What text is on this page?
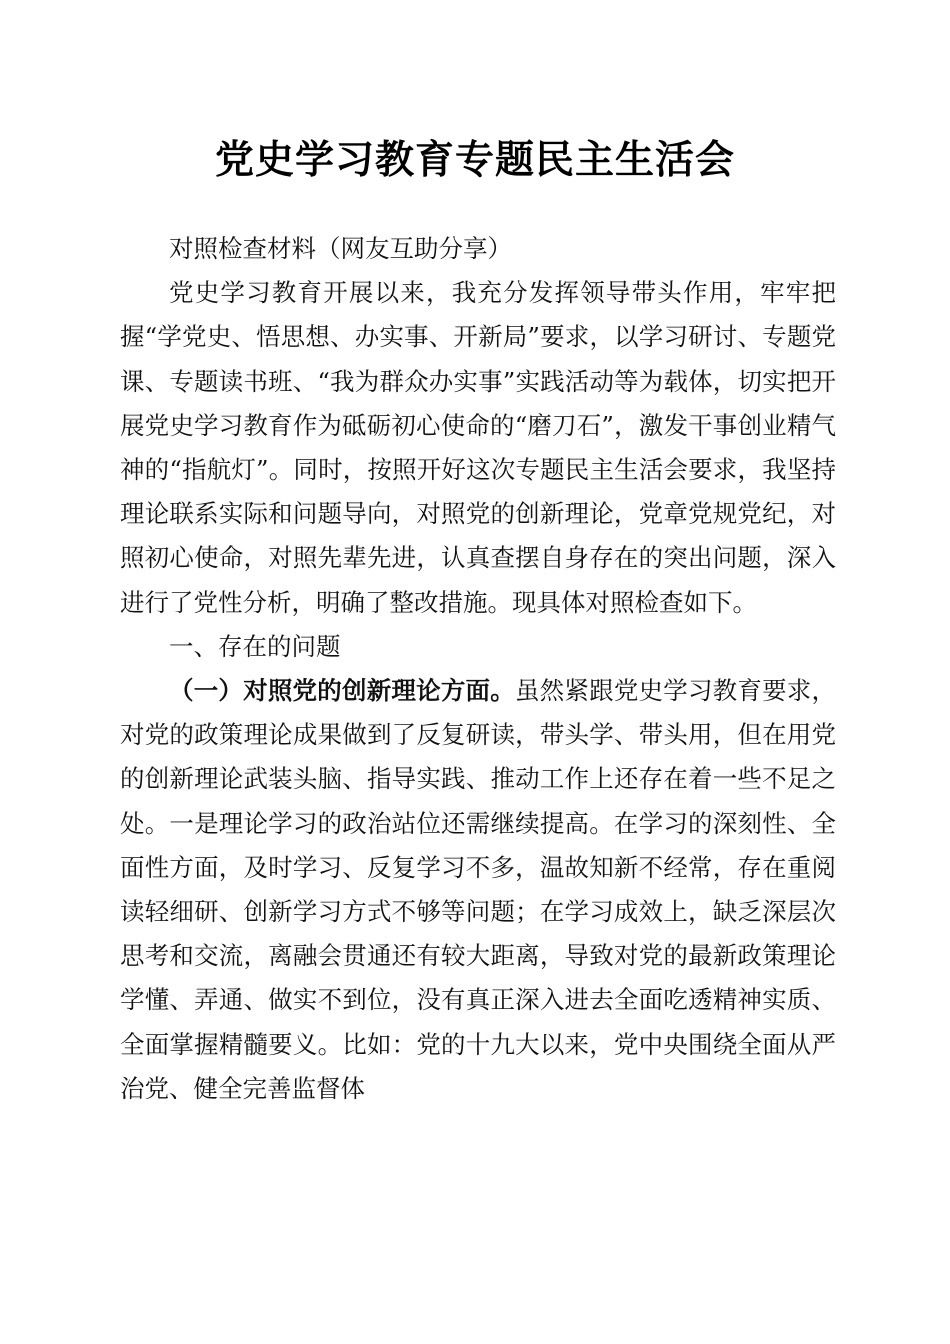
党史学习教育专题民主生活会

对照检查材料（网友互助分享）

党史学习教育开展以来，我充分发挥领导带头作用，牢牢把握“学党史、悟思想、办实事、开新局”要求，以学习研讨、专题党课、专题读书班、“我为群众办实事”实践活动等为载体，切实把开展党史学习教育作为砥砺初心使命的“磨刀石”，激发干事创业精气神的“指航灯”。同时，按照开好这次专题民主生活会要求，我坚持理论联系实际和问题导向，对照党的创新理论，党章党规党纪，对照初心使命，对照先辈先进，认真查摆自身存在的突出问题，深入进行了党性分析，明确了整改措施。现具体对照检查如下。

一、存在的问题

（一）对照党的创新理论方面。虽然紧跟党史学习教育要求，对党的政策理论成果做到了反复研读，带头学、带头用，但在用党的创新理论武装头脑、指导实践、推动工作上还存在着一些不足之处。一是理论学习的政治站位还需继续提高。在学习的深刻性、全面性方面，及时学习、反复学习不多，温故知新不经常，存在重阅读轻细研、创新学习方式不够等问题；在学习成效上，缺乏深层次思考和交流，离融会贯通还有较大距离，导致对党的最新政策理论学懂、弄通、做实不到位，没有真正深入进去全面吃透精神实质、全面掌握精髓要义。比如：党的十九大以来，党中央围绕全面从严治党、健全完善监督体
